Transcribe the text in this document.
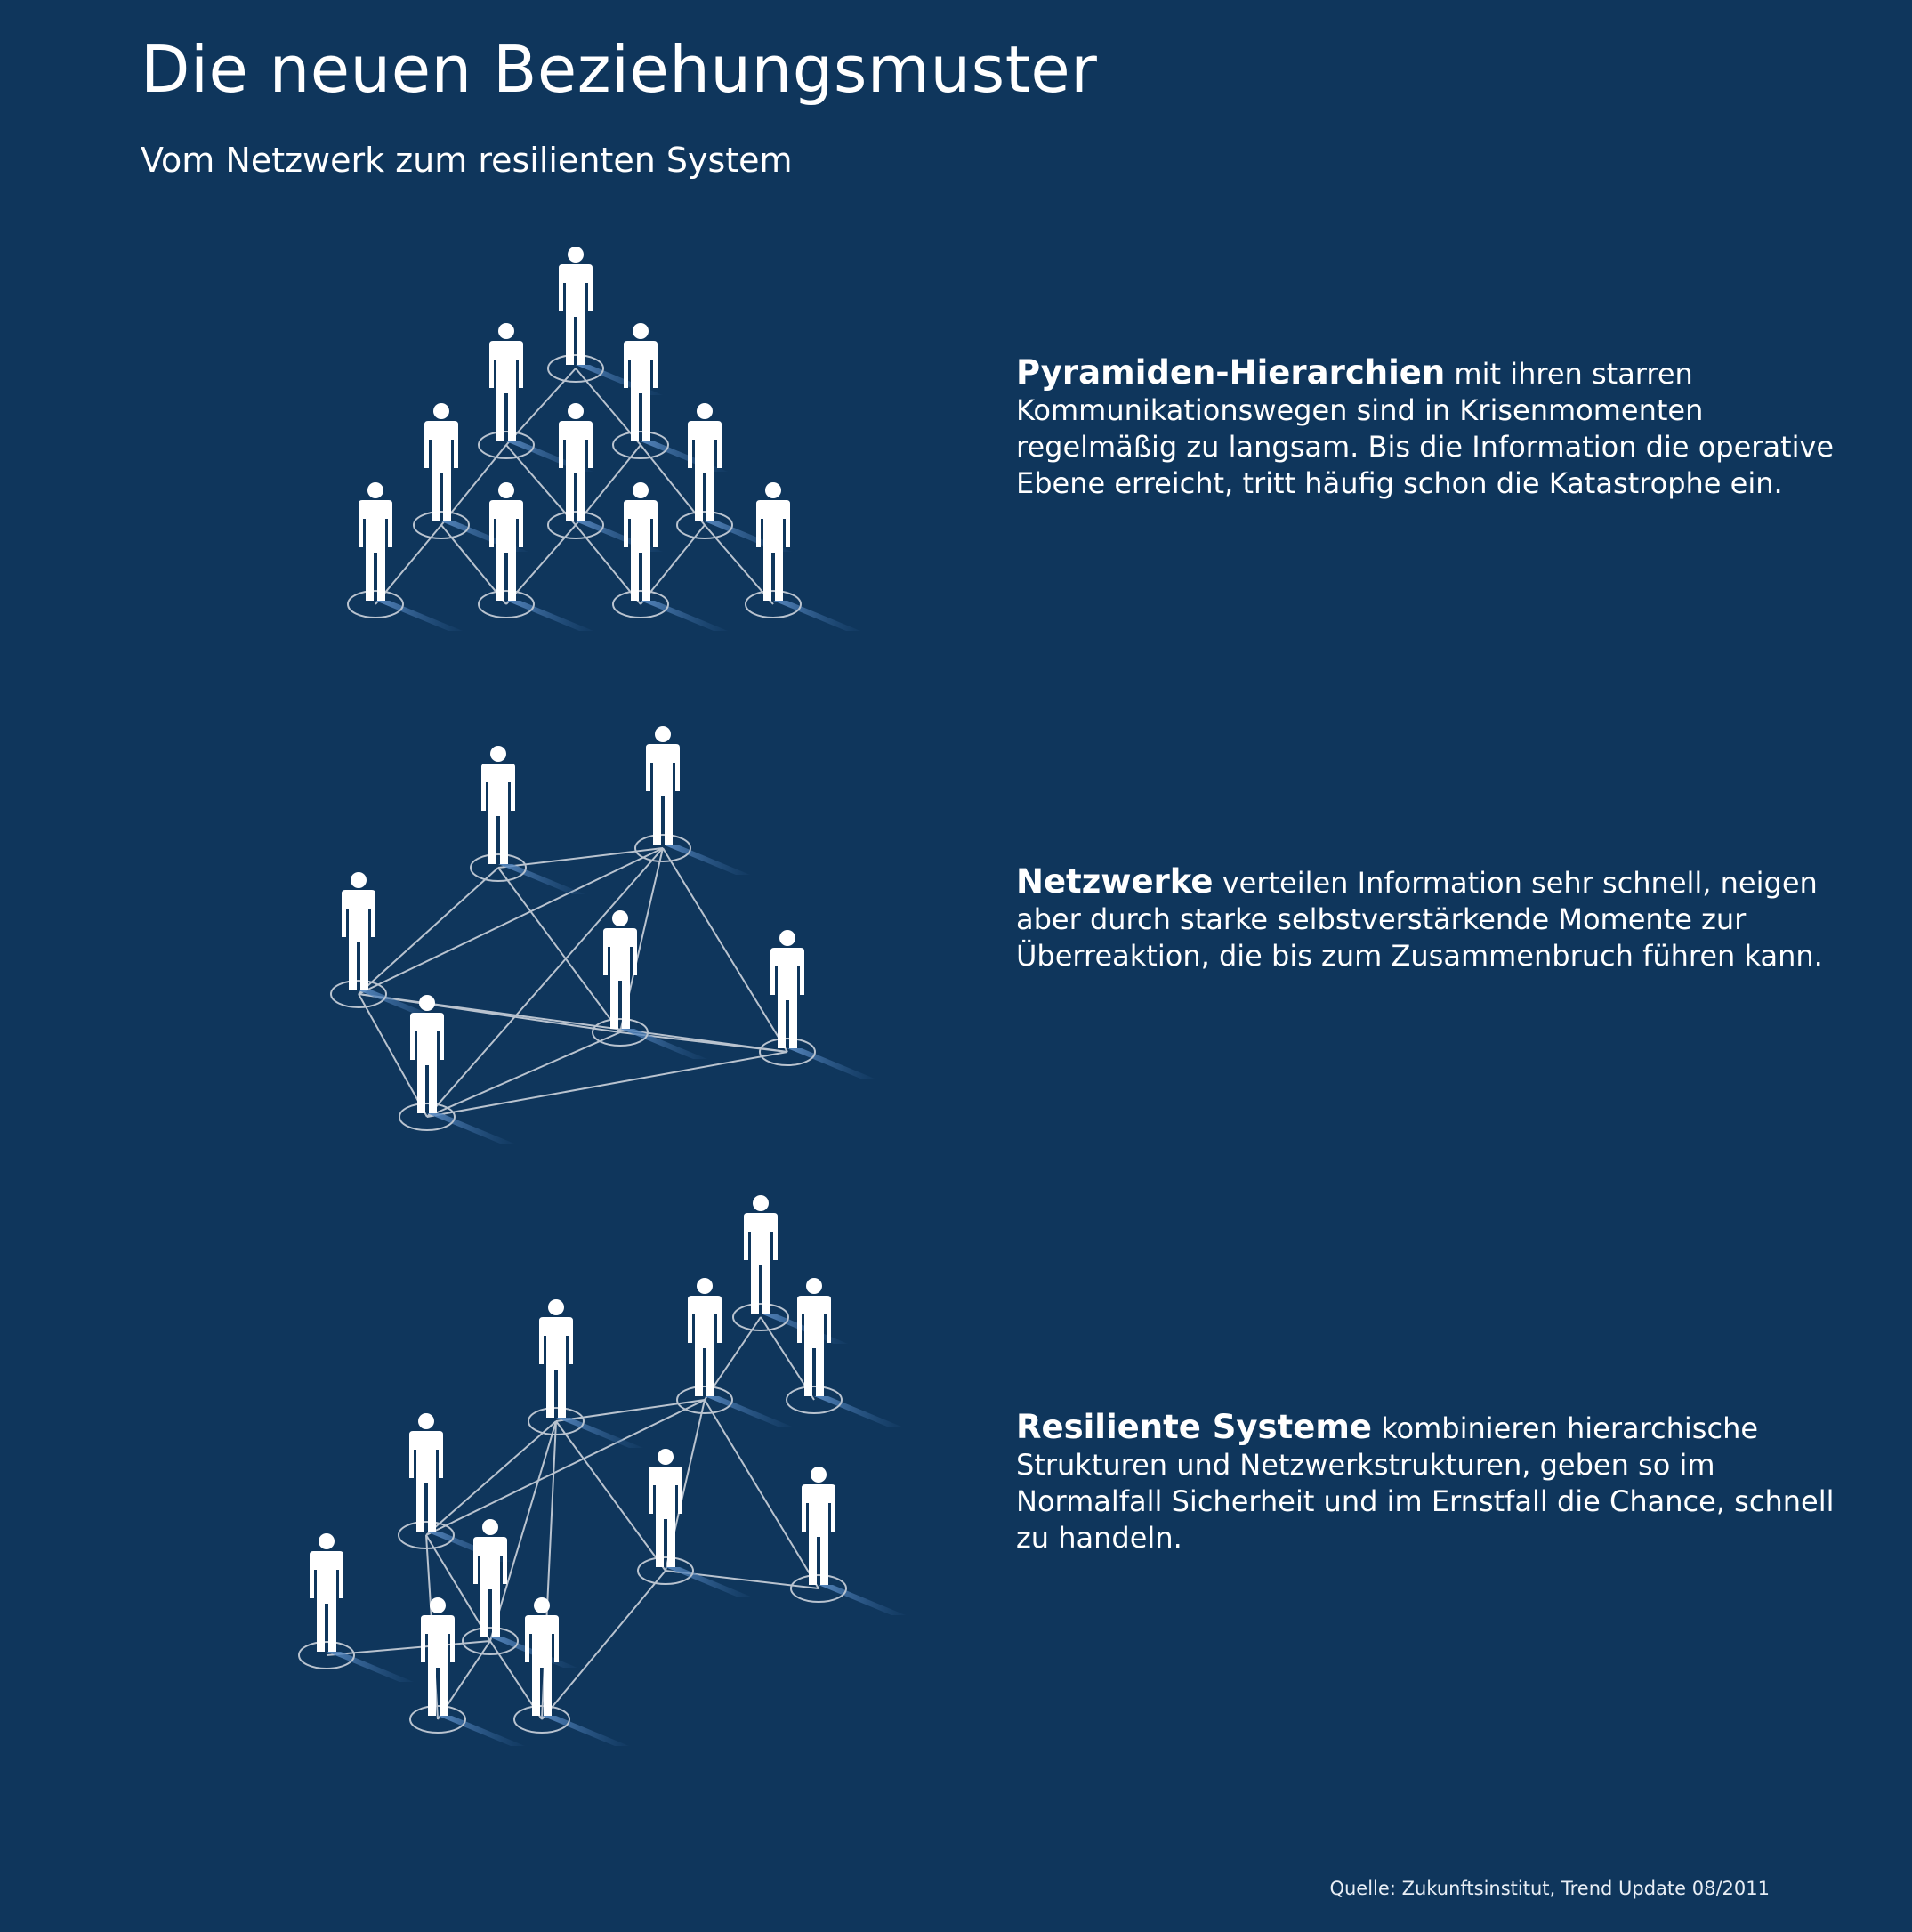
Die neuen Beziehungsmuster

Vom Netzwerk zum resilienten System

Pyramiden-Hierarchien mit ihren starren Kommunikationswegen sind in Krisenmomenten regelmäßig zu langsam. Bis die Information die operative Ebene erreicht, tritt häufig schon die Katastrophe ein.

Netzwerke verteilen Information sehr schnell, neigen aber durch starke selbstverstärkende Momente zur Überreaktion, die bis zum Zusammenbruch führen kann.

Resiliente Systeme kombinieren hierarchische Strukturen und Netzwerkstrukturen, geben so im Normalfall Sicherheit und im Ernstfall die Chance, schnell zu handeln.

Quelle: Zukunftsinstitut, Trend Update 08/2011
